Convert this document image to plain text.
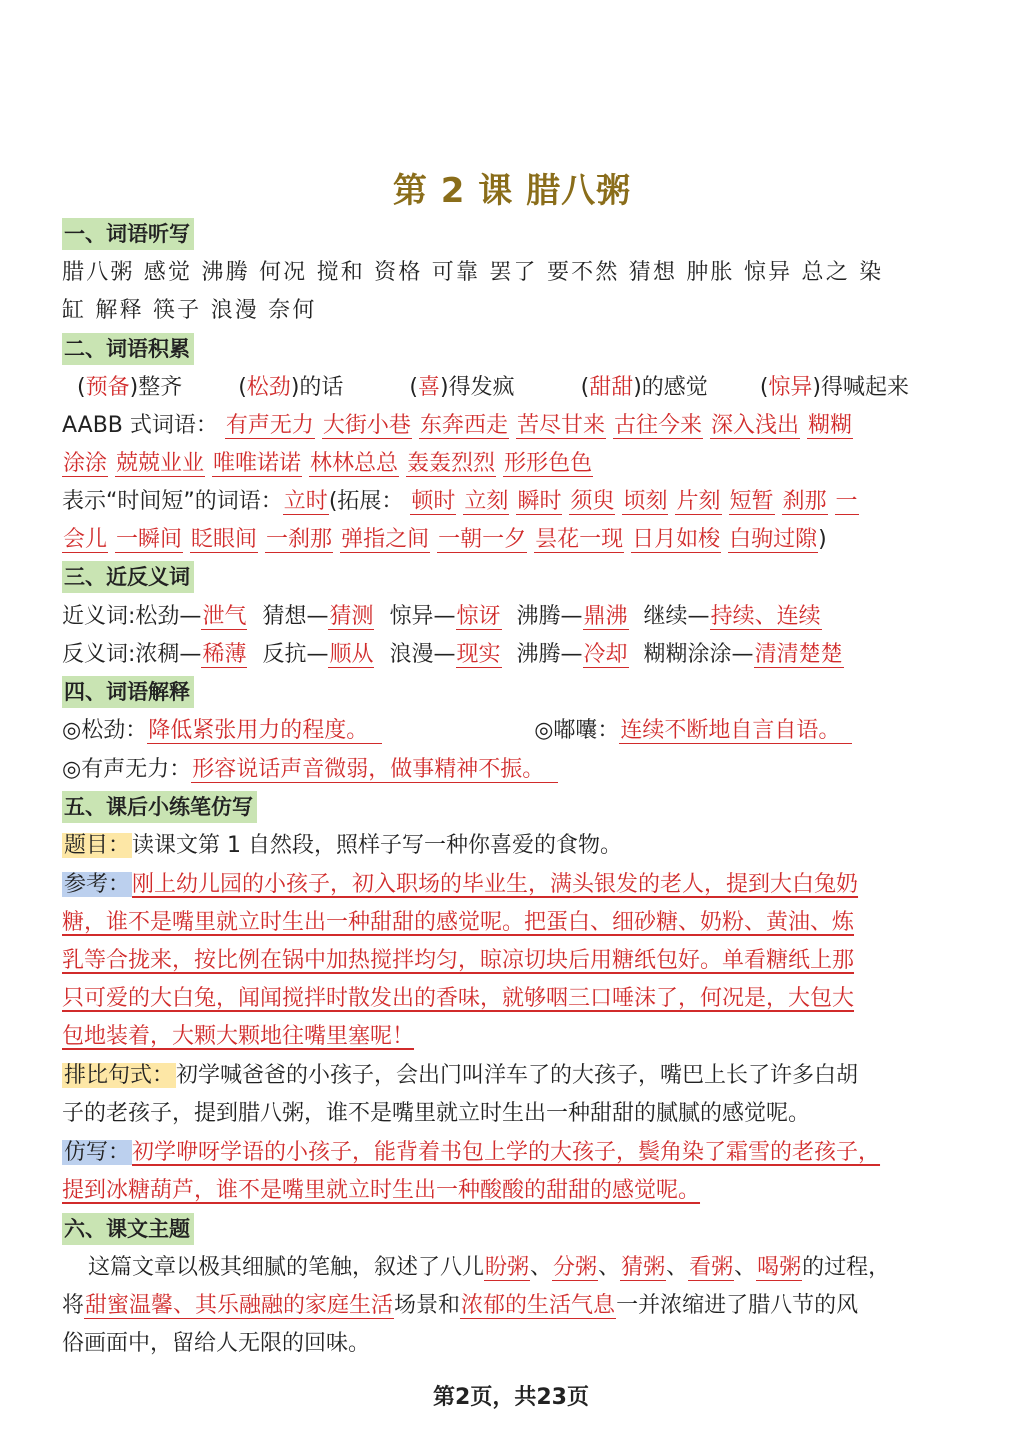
第 2 课 腊八粥
一、词语听写
腊八粥 感觉 沸腾 何况 搅和 资格 可靠 罢了 要不然 猜想 肿胀 惊异 总之 染
缸 解释 筷子 浪漫 奈何
二、词语积累
(预备)整齐	(松劲)的话	(喜)得发疯	(甜甜)的感觉 (惊异)得喊起来
AABB 式词语： 有声无力 大街小巷 东奔西走 苦尽甘来 古往今来 深入浅出 糊糊
涂涂 兢兢业业 唯唯诺诺 林林总总 轰轰烈烈 形形色色
表示“时间短”的词语：立时(拓展： 顿时 立刻 瞬时 须臾 顷刻 片刻 短暂 刹那 一
会儿 一瞬间 眨眼间 一刹那 弹指之间 一朝一夕 昙花一现 日月如梭 白驹过隙)
三、近反义词
近义词:松劲—泄气 猜想—猜测 惊异—惊讶 沸腾—鼎沸 继续—持续、连续
反义词:浓稠—稀薄 反抗—顺从 浪漫—现实 沸腾—冷却 糊糊涂涂—清清楚楚
四、词语解释
◎松劲：降低紧张用力的程度。	◎嘟囔：连续不断地自言自语。
◎有声无力：形容说话声音微弱，做事精神不振。
五、课后小练笔仿写
题目：读课文第 1 自然段，照样子写一种你喜爱的食物。
参考：刚上幼儿园的小孩子，初入职场的毕业生，满头银发的老人，提到大白兔奶
糖，谁不是嘴里就立时生出一种甜甜的感觉呢。把蛋白、细砂糖、奶粉、黄油、炼
乳等合拢来，按比例在锅中加热搅拌均匀，晾凉切块后用糖纸包好。单看糖纸上那
只可爱的大白兔，闻闻搅拌时散发出的香味，就够咽三口唾沫了，何况是，大包大
包地装着，大颗大颗地往嘴里塞呢！
排比句式：初学喊爸爸的小孩子，会出门叫洋车了的大孩子，嘴巴上长了许多白胡
子的老孩子，提到腊八粥，谁不是嘴里就立时生出一种甜甜的腻腻的感觉呢。
仿写：初学咿呀学语的小孩子，能背着书包上学的大孩子，鬓角染了霜雪的老孩子，
提到冰糖葫芦，谁不是嘴里就立时生出一种酸酸的甜甜的感觉呢。
六、课文主题
这篇文章以极其细腻的笔触，叙述了八儿盼粥、分粥、猜粥、看粥、喝粥的过程，
将甜蜜温馨、其乐融融的家庭生活场景和浓郁的生活气息一并浓缩进了腊八节的风
俗画面中，留给人无限的回味。
第2页，共23页
